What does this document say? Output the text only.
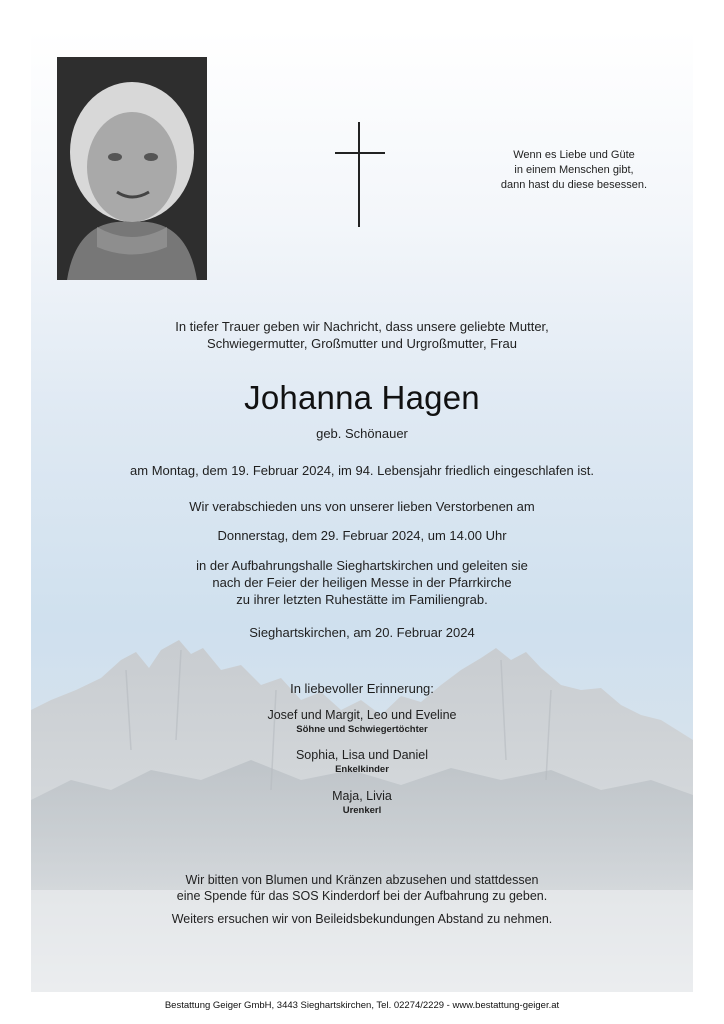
Wenn es Liebe und Güte
in einem Menschen gibt,
dann hast du diese besessen.
In tiefer Trauer geben wir Nachricht, dass unsere geliebte Mutter,
Schwiegermutter, Großmutter und Urgroßmutter, Frau
Johanna Hagen
geb. Schönauer
am Montag, dem 19. Februar 2024, im 94. Lebensjahr friedlich eingeschlafen ist.
Wir verabschieden uns von unserer lieben Verstorbenen am
Donnerstag, dem 29. Februar 2024, um 14.00 Uhr
in der Aufbahrungshalle Sieghartskirchen und geleiten sie
nach der Feier der heiligen Messe in der Pfarrkirche
zu ihrer letzten Ruhestätte im Familiengrab.
Sieghartskirchen, am 20. Februar 2024
In liebevoller Erinnerung:
Josef und Margit, Leo und Eveline
Söhne und Schwiegertöchter
Sophia, Lisa und Daniel
Enkelkinder
Maja, Livia
Urenkerl
Wir bitten von Blumen und Kränzen abzusehen und stattdessen
eine Spende für das SOS Kinderdorf bei der Aufbahrung zu geben.
Weiters ersuchen wir von Beileidsbekundungen Abstand zu nehmen.
Bestattung Geiger GmbH, 3443 Sieghartskirchen, Tel. 02274/2229 - www.bestattung-geiger.at
